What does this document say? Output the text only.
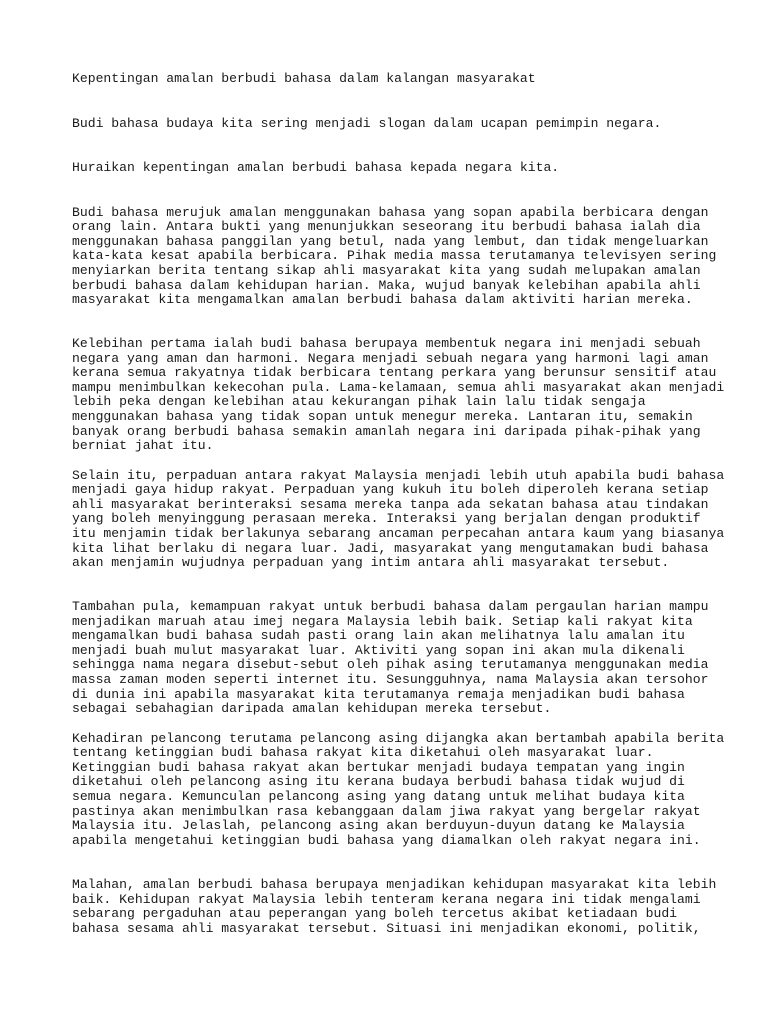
Kepentingan amalan berbudi bahasa dalam kalangan masyarakat

Budi bahasa budaya kita sering menjadi slogan dalam ucapan pemimpin negara.

Huraikan kepentingan amalan berbudi bahasa kepada negara kita.

Budi bahasa merujuk amalan menggunakan bahasa yang sopan apabila berbicara dengan

orang lain. Antara bukti yang menunjukkan seseorang itu berbudi bahasa ialah dia

menggunakan bahasa panggilan yang betul, nada yang lembut, dan tidak mengeluarkan

kata-kata kesat apabila berbicara. Pihak media massa terutamanya televisyen sering

menyiarkan berita tentang sikap ahli masyarakat kita yang sudah melupakan amalan

berbudi bahasa dalam kehidupan harian. Maka, wujud banyak kelebihan apabila ahli

masyarakat kita mengamalkan amalan berbudi bahasa dalam aktiviti harian mereka.

Kelebihan pertama ialah budi bahasa berupaya membentuk negara ini menjadi sebuah

negara yang aman dan harmoni. Negara menjadi sebuah negara yang harmoni lagi aman

kerana semua rakyatnya tidak berbicara tentang perkara yang berunsur sensitif atau

mampu menimbulkan kekecohan pula. Lama-kelamaan, semua ahli masyarakat akan menjadi

lebih peka dengan kelebihan atau kekurangan pihak lain lalu tidak sengaja

menggunakan bahasa yang tidak sopan untuk menegur mereka. Lantaran itu, semakin

banyak orang berbudi bahasa semakin amanlah negara ini daripada pihak-pihak yang

berniat jahat itu.

Selain itu, perpaduan antara rakyat Malaysia menjadi lebih utuh apabila budi bahasa

menjadi gaya hidup rakyat. Perpaduan yang kukuh itu boleh diperoleh kerana setiap

ahli masyarakat berinteraksi sesama mereka tanpa ada sekatan bahasa atau tindakan

yang boleh menyinggung perasaan mereka. Interaksi yang berjalan dengan produktif

itu menjamin tidak berlakunya sebarang ancaman perpecahan antara kaum yang biasanya

kita lihat berlaku di negara luar. Jadi, masyarakat yang mengutamakan budi bahasa

akan menjamin wujudnya perpaduan yang intim antara ahli masyarakat tersebut.

Tambahan pula, kemampuan rakyat untuk berbudi bahasa dalam pergaulan harian mampu

menjadikan maruah atau imej negara Malaysia lebih baik. Setiap kali rakyat kita

mengamalkan budi bahasa sudah pasti orang lain akan melihatnya lalu amalan itu

menjadi buah mulut masyarakat luar. Aktiviti yang sopan ini akan mula dikenali

sehingga nama negara disebut-sebut oleh pihak asing terutamanya menggunakan media

massa zaman moden seperti internet itu. Sesungguhnya, nama Malaysia akan tersohor

di dunia ini apabila masyarakat kita terutamanya remaja menjadikan budi bahasa

sebagai sebahagian daripada amalan kehidupan mereka tersebut.

Kehadiran pelancong terutama pelancong asing dijangka akan bertambah apabila berita

tentang ketinggian budi bahasa rakyat kita diketahui oleh masyarakat luar.

Ketinggian budi bahasa rakyat akan bertukar menjadi budaya tempatan yang ingin

diketahui oleh pelancong asing itu kerana budaya berbudi bahasa tidak wujud di

semua negara. Kemunculan pelancong asing yang datang untuk melihat budaya kita

pastinya akan menimbulkan rasa kebanggaan dalam jiwa rakyat yang bergelar rakyat

Malaysia itu. Jelaslah, pelancong asing akan berduyun-duyun datang ke Malaysia

apabila mengetahui ketinggian budi bahasa yang diamalkan oleh rakyat negara ini.

Malahan, amalan berbudi bahasa berupaya menjadikan kehidupan masyarakat kita lebih

baik. Kehidupan rakyat Malaysia lebih tenteram kerana negara ini tidak mengalami

sebarang pergaduhan atau peperangan yang boleh tercetus akibat ketiadaan budi

bahasa sesama ahli masyarakat tersebut. Situasi ini menjadikan ekonomi, politik,
